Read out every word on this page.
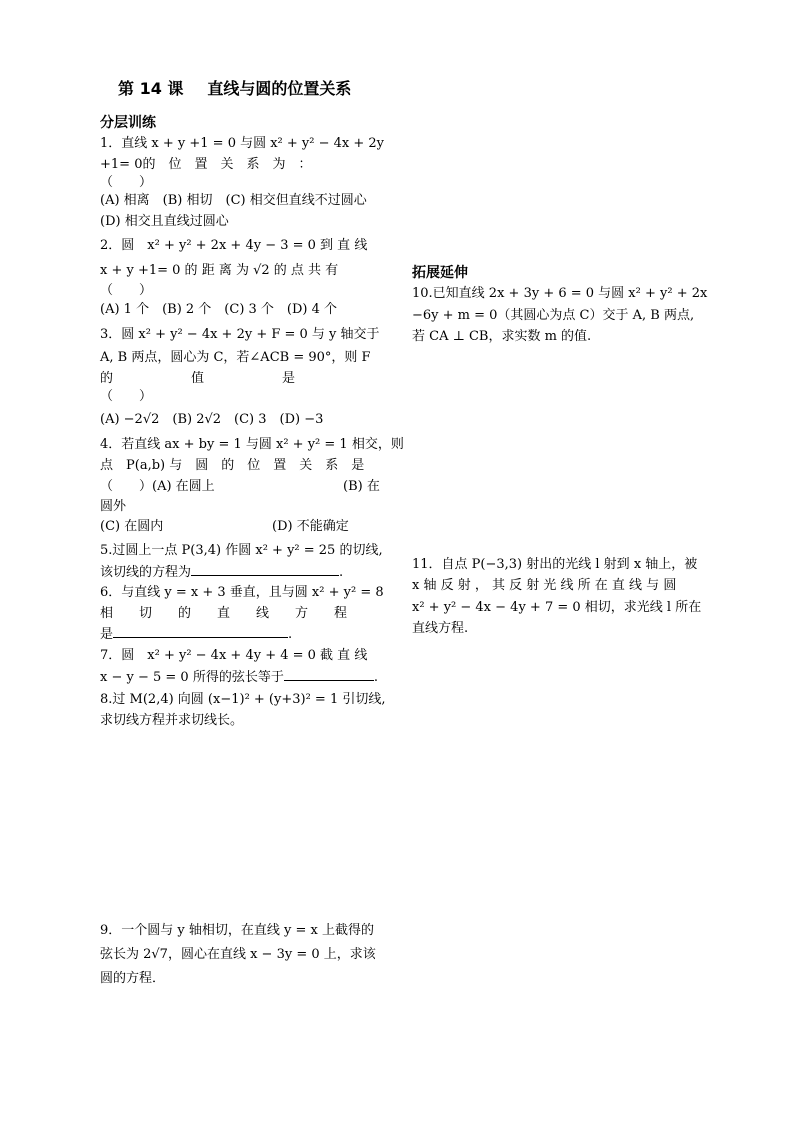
第 14 课 直线与圆的位置关系
分层训练
1．直线 x + y +1 = 0 与圆 x² + y² − 4x + 2y
+1= 0的　位　置　关　系　为　：
（　　）
(A) 相离　(B) 相切　(C) 相交但直线不过圆心
(D) 相交且直线过圆心
2．圆　x² + y² + 2x + 4y − 3 = 0 到 直 线
x + y +1= 0 的 距 离 为 √2 的 点 共 有
（　　）
(A) 1 个　(B) 2 个　(C) 3 个　(D) 4 个
3．圆 x² + y² − 4x + 2y + F = 0 与 y 轴交于
A, B 两点，圆心为 C，若∠ACB = 90°，则 F
的　　　　　　值　　　　　　是
（　　）
(A) −2√2　(B) 2√2　(C) 3　(D) −3
4．若直线 ax + by = 1 与圆 x² + y² = 1 相交，则
点　P(a,b) 与　圆　的　位　置　关　系　是
（　　）(A) 在圆上	(B) 在
圆外
(C) 在圆内	(D) 不能确定
5.过圆上一点 P(3,4) 作圆 x² + y² = 25 的切线,
该切线的方程为	.
6．与直线 y = x + 3 垂直，且与圆 x² + y² = 8
相　　切　　的　　直　　线　　方　　程
是	.
7．圆　x² + y² − 4x + 4y + 4 = 0 截 直 线
x − y − 5 = 0 所得的弦长等于	.
8.过 M(2,4) 向圆 (x−1)² + (y+3)² = 1 引切线,
求切线方程并求切线长。
9．一个圆与 y 轴相切，在直线 y = x 上截得的
弦长为 2√7，圆心在直线 x − 3y = 0 上，求该
圆的方程．
拓展延伸
10.已知直线 2x + 3y + 6 = 0 与圆 x² + y² + 2x
−6y + m = 0（其圆心为点 C）交于 A, B 两点,
若 CA ⊥ CB，求实数 m 的值.
11．自点 P(−3,3) 射出的光线 l 射到 x 轴上，被
x 轴 反 射 ， 其 反 射 光 线 所 在 直 线 与 圆
x² + y² − 4x − 4y + 7 = 0 相切，求光线 l 所在
直线方程.
